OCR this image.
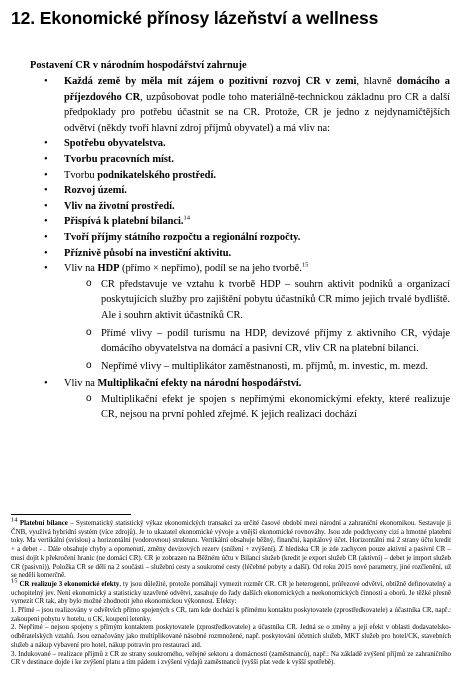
12. Ekonomické přínosy lázeňství a wellness

Postavení CR v národním hospodářství zahrnuje

• Každá země by měla mít zájem o pozitivní rozvoj CR v zemi, hlavně domácího a příjezdového CR, uzpůsobovat podle toho materiálně-technickou základnu pro CR a další předpoklady pro potřebu účastnit se na CR. Protože, CR je jedno z nejdynamičtějších odvětví (někdy tvoří hlavní zdroj příjmů obyvatel) a má vliv na:
• Spotřebu obyvatelstva.
• Tvorbu pracovních míst.
• Tvorbu podnikatelského prostředí.
• Rozvoj území.
• Vliv na životní prostředí.
• Přispívá k platební bilanci.$^{14}$
• Tvoří příjmy státního rozpočtu a regionální rozpočty.
• Příznivě působí na investiční aktivitu.
• Vliv na HDP (přímo × nepřímo), podíl se na jeho tvorbě.$^{15}$
o CR představuje ve vztahu k tvorbě HDP – souhrn aktivit podniků a organizací poskytujících služby pro zajištění pobytu účastníků CR mimo jejich trvalé bydliště. Ale i souhrn aktivit účastníků CR.
o Přímé vlivy – podíl turismu na HDP, devizové příjmy z aktivního CR, výdaje domácího obyvatelstva na domácí a pasivní CR, vliv CR na platební bilanci.
o Nepřímé vlivy – multiplikátor zaměstnanosti, m. příjmů, m. investic, m. mezd.
• Vliv na Multiplikační efekty na národní hospodářství.
o Multiplikační efekt je spojen s nepřímými ekonomickými efekty, které realizuje CR, nejsou na první pohled zřejmé. K jejich realizaci dochází

$^{14}$ Platební bilance – Systematický statistický výkaz ekonomických transakcí za určité časové období mezi národní a zahraniční ekonomikou. Sestavuje ji ČNB, využívá hybridní systém (více zdrojů). Je to ukazatel ekonomické vývoje a vnější ekonomické rovnováhy. Jsou zde podchyceny cizí a hmotné platební toky. Ma vertikální (svislou) a horizontální (vodorovnou) strukturu. Vertikální obsahuje běžný, finanční, kapitálový účet. Horizontální má 2 strany účtu kredit + a debet - . Dále obsahuje chyby a opomenutí, změny devizových rezerv (snížení + zvýšení). Z hlediska CR je zde zachycen pouze aktivní a pasivní CR – musí dojít k překročení hranic (ne domácí CR). CR je zobrazen na Běžném účtu v Bilanci služeb (kredit je export služeb CR (aktivní) – debet je import služeb CR (pasivní)). Položka CR se dělí na 2 součásti – služební cesty a soukromé cesty (léčebné pobyty a další). Od roku 2015 nové parametry, jiné rozčlenění, už se neděli komerčně.

$^{15}$ CR realizuje 3 ekonomické efekty, ty jsou důležité, protože pomáhají vymezit rozměr CR. CR je heterogenní, průřezové odvětví, obtížně definovatelný a uchopitelný jev. Není ekonomický a statisticky uzavřené odvětví, zasahuje do řady dalších ekonomických a neekonomických činností a oborů. Je těžké přesně vymezit CR tak, aby bylo možné zhodnotit jeho ekonomickou výkonnost. Efekty:

1. Přímé – jsou realizovány v odvětvích přímo spojených s CR, tam kde dochází k přímému kontaktu poskytovatele (zprostředkovatele) a účastníka CR, např.: zakoupení pobytu v hotelu, u CK, koupení letenky.

2. Nepřímé – nejsou spojeny s přímým kontaktem poskytovatele (zprostředkovatele) a účastníka CR. Jedná se o změny a její efekt v oblasti dodavatelsko-odběratelských vztahů. Jsou označovány jako multiplikované násobné rozmnožené, např. poskytování účetních služeb, MKT služeb pro hotel/CK, stavebních služeb a nákup vybavení pro hotel, nákup potravin pro restauraci atd.

3. Indukované – realizace příjmů z CR ze strany soukromého, veřejné sektoru a domácností (zaměstnanců), např.: Na základě zvýšení příjmů ze zahraničního CR v destinace dojde i ke zvýšení platu a tím pádem i zvýšení výdajů zaměstnanců (vyšší plat vede k vyšší spotřebě).
